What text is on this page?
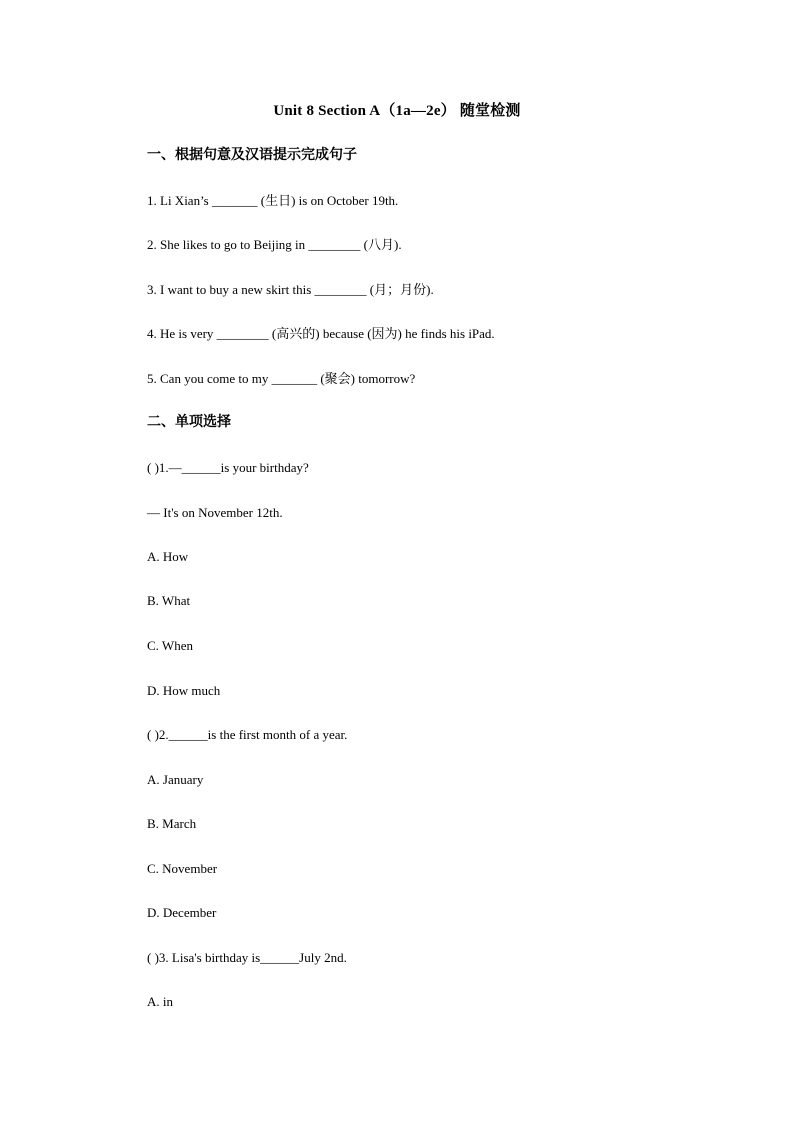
Unit 8 Section A（1a—2e） 随堂检测
一、根据句意及汉语提示完成句子
1. Li Xian’s _______ (生日) is on October 19th.
2. She likes to go to Beijing in ________ (八月).
3. I want to buy a new skirt this ________ (月；月份).
4. He is very ________ (高兴的) because (因为) he finds his iPad.
5. Can you come to my _______ (聚会) tomorrow?
二、单项选择
( )1.—______is your birthday?
— It's on November 12th.
A. How
B. What
C. When
D. How much
( )2.______is the first month of a year.
A. January
B. March
C. November
D. December
( )3. Lisa's birthday is______July 2nd.
A. in
